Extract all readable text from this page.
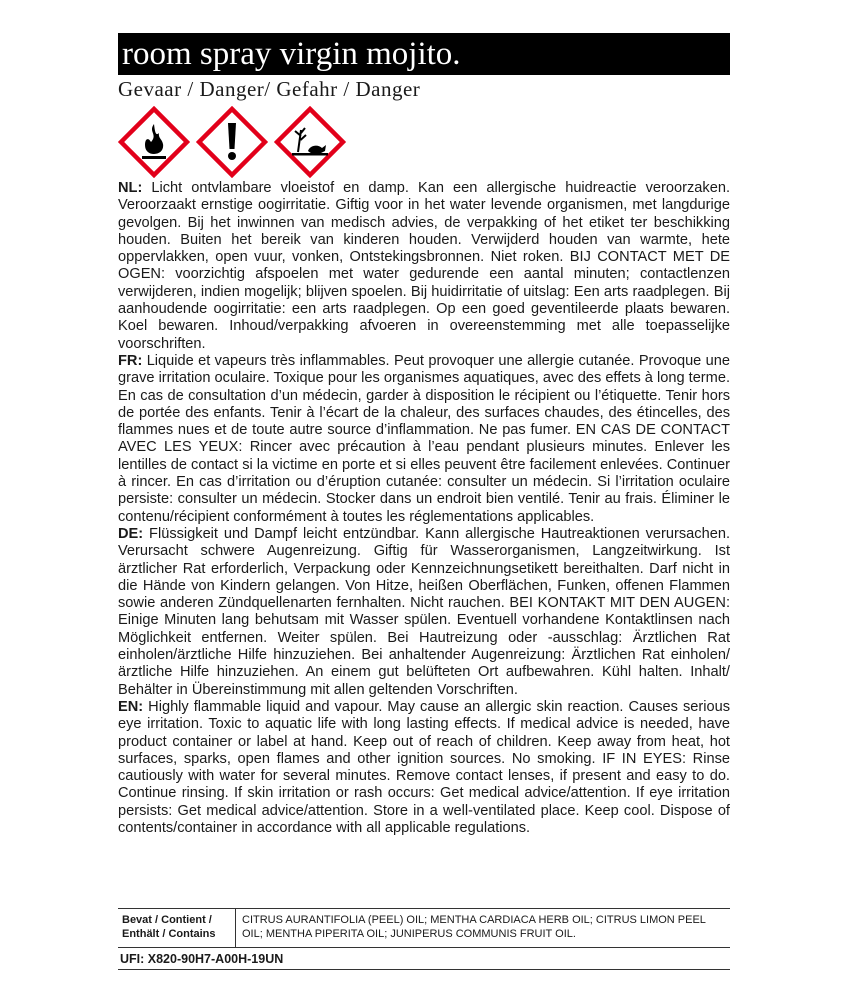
room spray virgin mojito.
Gevaar / Danger/ Gefahr / Danger

NL: Licht ontvlambare vloeistof en damp. Kan een allergische huidreactie veroorzaken. Veroorzaakt ernstige oogirritatie. Giftig voor in het water levende organismen, met langdurige gevolgen. Bij het inwinnen van medisch advies, de verpakking of het etiket ter beschikking houden. Buiten het bereik van kinderen houden. Verwijderd houden van warmte, hete oppervlakken, open vuur, vonken, Ontstekingsbronnen. Niet roken. BIJ CONTACT MET DE OGEN: voorzichtig afspoelen met water gedurende een aantal minuten; contactlenzen verwijderen, indien mogelijk; blijven spoelen. Bij huidirritatie of uitslag: Een arts raadplegen. Bij aanhoudende oogirritatie: een arts raadplegen. Op een goed geventileerde plaats bewaren. Koel bewaren. Inhoud/verpakking afvoeren in overeenstemming met alle toepasselijke voorschriften.

FR: Liquide et vapeurs très inflammables. Peut provoquer une allergie cutanée. Provoque une grave irritation oculaire. Toxique pour les organismes aquatiques, avec des effets à long terme. En cas de consultation d’un médecin, garder à disposition le récipient ou l’étiquette. Tenir hors de portée des enfants. Tenir à l’écart de la chaleur, des surfaces chaudes, des étincelles, des flammes nues et de toute autre source d’inflammation. Ne pas fumer. EN CAS DE CONTACT AVEC LES YEUX: Rincer avec précaution à l’eau pendant plusieurs minutes. Enlever les lentilles de contact si la victime en porte et si elles peuvent être facilement enlevées. Continuer à rincer. En cas d’irritation ou d’éruption cutanée: consulter un médecin. Si l’irritation oculaire persiste: consulter un médecin. Stocker dans un endroit bien ventilé. Tenir au frais. Éliminer le contenu/récipient conformément à toutes les réglementations applicables.

DE: Flüssigkeit und Dampf leicht entzündbar. Kann allergische Hautreaktionen verursachen. Verursacht schwere Augenreizung. Giftig für Wasserorganismen, Langzeitwirkung. Ist ärztlicher Rat erforderlich, Verpackung oder Kennzeichnungsetikett bereithalten. Darf nicht in die Hände von Kindern gelangen. Von Hitze, heißen Oberflächen, Funken, offenen Flammen sowie anderen Zündquellenarten fernhalten. Nicht rauchen. BEI KONTAKT MIT DEN AUGEN: Einige Minuten lang behutsam mit Wasser spülen. Eventuell vorhandene Kontaktlinsen nach Möglichkeit entfernen. Weiter spülen. Bei Hautreizung oder -ausschlag: Ärztlichen Rat einholen/ärztliche Hilfe hinzuziehen. Bei anhaltender Augenreizung: Ärztlichen Rat einholen/ ärztliche Hilfe hinzuziehen. An einem gut belüfteten Ort aufbewahren. Kühl halten. Inhalt/ Behälter in Übereinstimmung mit allen geltenden Vorschriften.

EN: Highly flammable liquid and vapour. May cause an allergic skin reaction. Causes serious eye irritation. Toxic to aquatic life with long lasting effects. If medical advice is needed, have product container or label at hand. Keep out of reach of children. Keep away from heat, hot surfaces, sparks, open flames and other ignition sources. No smoking. IF IN EYES: Rinse cautiously with water for several minutes. Remove contact lenses, if present and easy to do. Continue rinsing. If skin irritation or rash occurs: Get medical advice/attention. If eye irritation persists: Get medical advice/attention. Store in a well-ventilated place. Keep cool. Dispose of contents/container in accordance with all applicable regulations.

Bevat / Contient /
Enthält / Contains
CITRUS AURANTIFOLIA (PEEL) OIL; MENTHA CARDIACA HERB OIL; CITRUS LIMON PEEL OIL; MENTHA PIPERITA OIL; JUNIPERUS COMMUNIS FRUIT OIL.
UFI: X820-90H7-A00H-19UN
